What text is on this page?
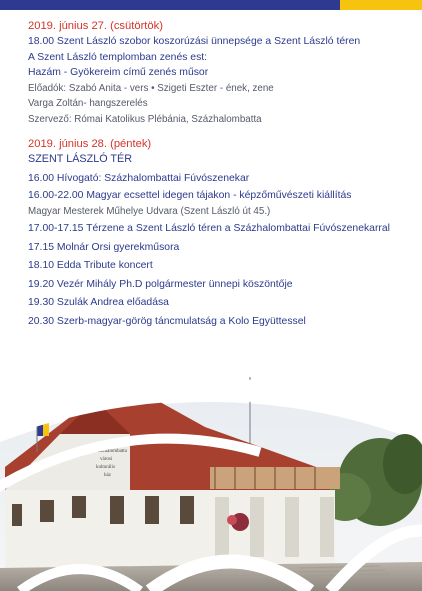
2019. június 27. (csütörtök)
18.00 Szent László szobor koszorúzási ünnepsége a Szent László téren
A Szent László templomban zenés est:
Hazám - Gyökereim című zenés műsor
Előadók: Szabó Anita - vers • Szigeti Eszter - ének, zene
Varga Zoltán- hangszerelés
Szervező: Római Katolikus Plébánia, Százhalombatta
2019. június 28. (péntek)
SZENT LÁSZLÓ TÉR
16.00 Hívogató: Százhalombattai Fúvószenekar
16.00-22.00 Magyar ecsettel idegen tájakon - képzőművészeti kiállítás
Magyar Mesterek Műhelye Udvara (Szent László út 45.)
17.00-17.15 Térzene a Szent László téren a Százhalombattai Fúvószenekarral
17.15 Molnár Orsi gyerekműsora
18.10 Edda Tribute koncert
19.20 Vezér Mihály Ph.D polgármester ünnepi köszöntője
19.30 Szulák Andrea előadása
20.30 Szerb-magyar-görög táncmulatság a Kolo Együttessel
százhalombatta
városi
kulturális
ház
